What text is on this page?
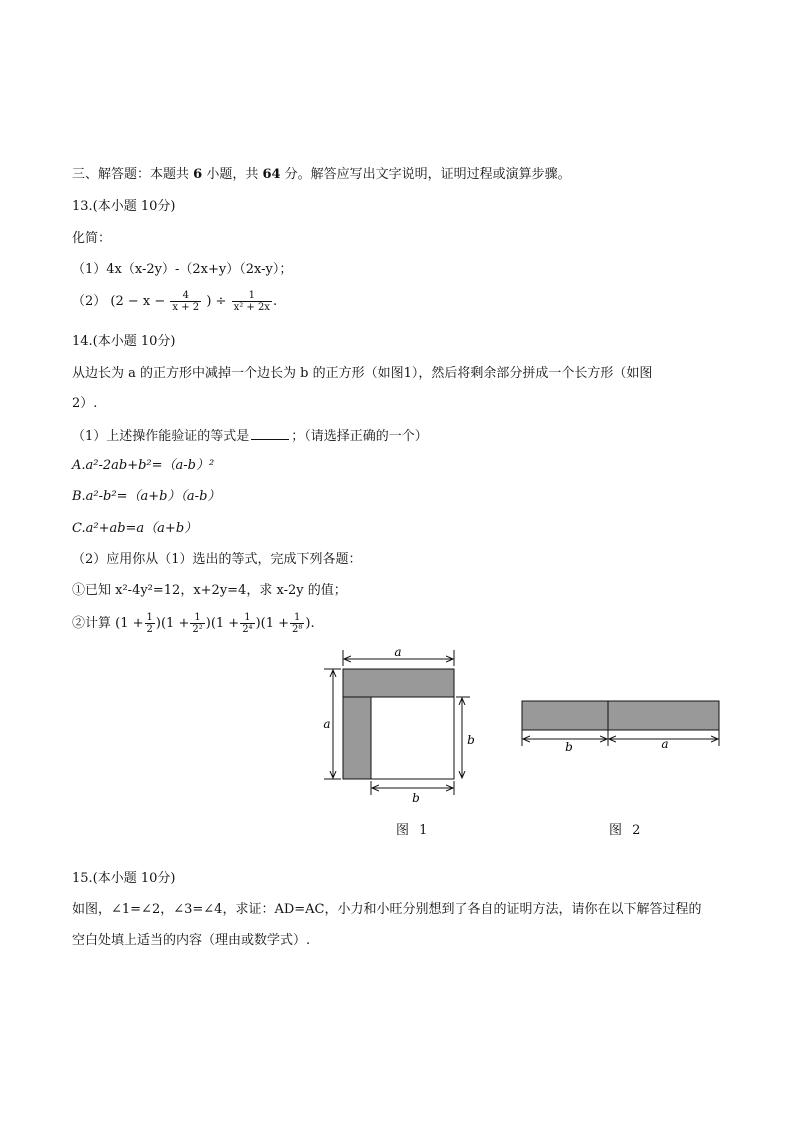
三、解答题：本题共 6 小题，共 64 分。解答应写出文字说明，证明过程或演算步骤。
13.(本小题 10分)
化简：
（1）4x（x-2y）-（2x+y）（2x-y）；
（2） ($2 - x - \frac{4}{x + 2}$ ) ÷ $\frac{1}{\text{x² + 2x}}$ .
14.(本小题 10分)
从边长为 a 的正方形中减掉一个边长为 b 的正方形（如图1），然后将剩余部分拼成一个长方形（如图
2）.
（1）上述操作能验证的等式是	；（请选择正确的一个）
A.a²-2ab+b²=（a-b）²
B.a²-b²=（a+b）（a-b）
C.a²+ab=a（a+b）
（2）应用你从（1）选出的等式，完成下列各题：
①已知 x²-4y²=12，x+2y=4，求 x-2y 的值；
②计算 $(1 + \frac{1}{2} )(1 + \frac{1}{\text{2²}} )(1 + \frac{1}{\text{2⁴}} )(1 + \frac{1}{\text{2⁸}}$ ).
a
a
b
b
b	a
图 1	图 2
15.(本小题 10分)
如图，∠1=∠2，∠3=∠4，求证：AD=AC，小力和小旺分别想到了各自的证明方法，请你在以下解答过程的
空白处填上适当的内容（理由或数学式）.
